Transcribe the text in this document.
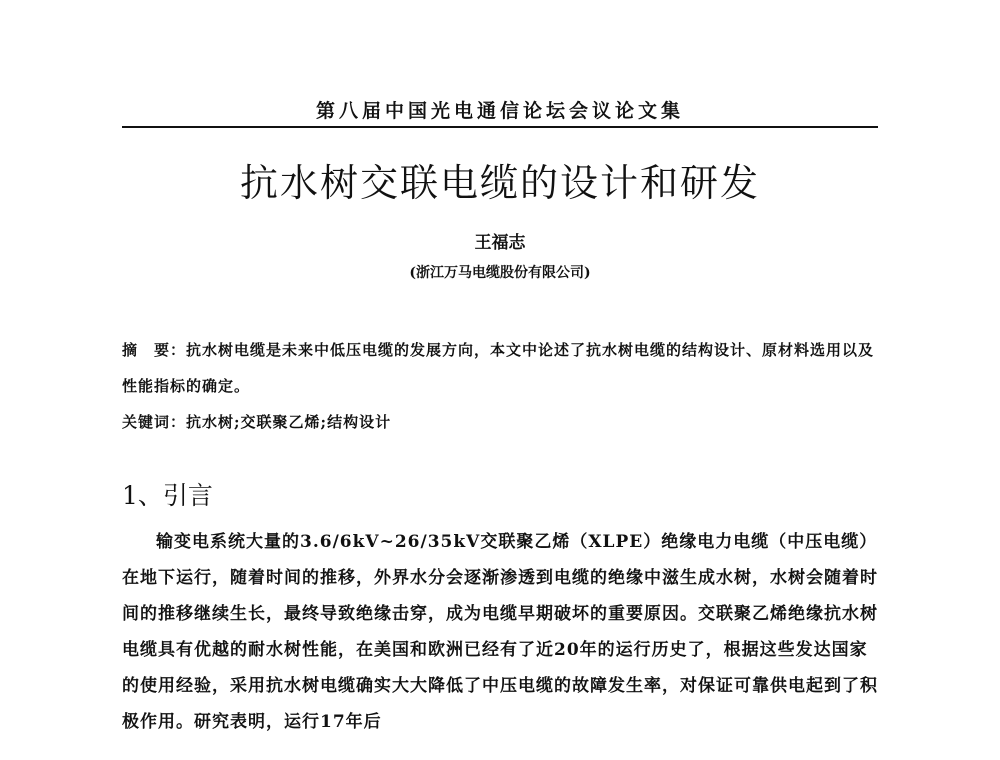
第八届中国光电通信论坛会议论文集
抗水树交联电缆的设计和研发
王福志
(浙江万马电缆股份有限公司)
摘　要：抗水树电缆是未来中低压电缆的发展方向，本文中论述了抗水树电缆的结构设计、原材料选用以及性能指标的确定。
关键词：抗水树;交联聚乙烯;结构设计
1、引言
输变电系统大量的3.6/6kV~26/35kV交联聚乙烯（XLPE）绝缘电力电缆（中压电缆）在地下运行，随着时间的推移，外界水分会逐渐渗透到电缆的绝缘中滋生成水树，水树会随着时间的推移继续生长，最终导致绝缘击穿，成为电缆早期破坏的重要原因。交联聚乙烯绝缘抗水树电缆具有优越的耐水树性能，在美国和欧洲已经有了近20年的运行历史了，根据这些发达国家的使用经验，采用抗水树电缆确实大大降低了中压电缆的故障发生率，对保证可靠供电起到了积极作用。研究表明，运行17年后
